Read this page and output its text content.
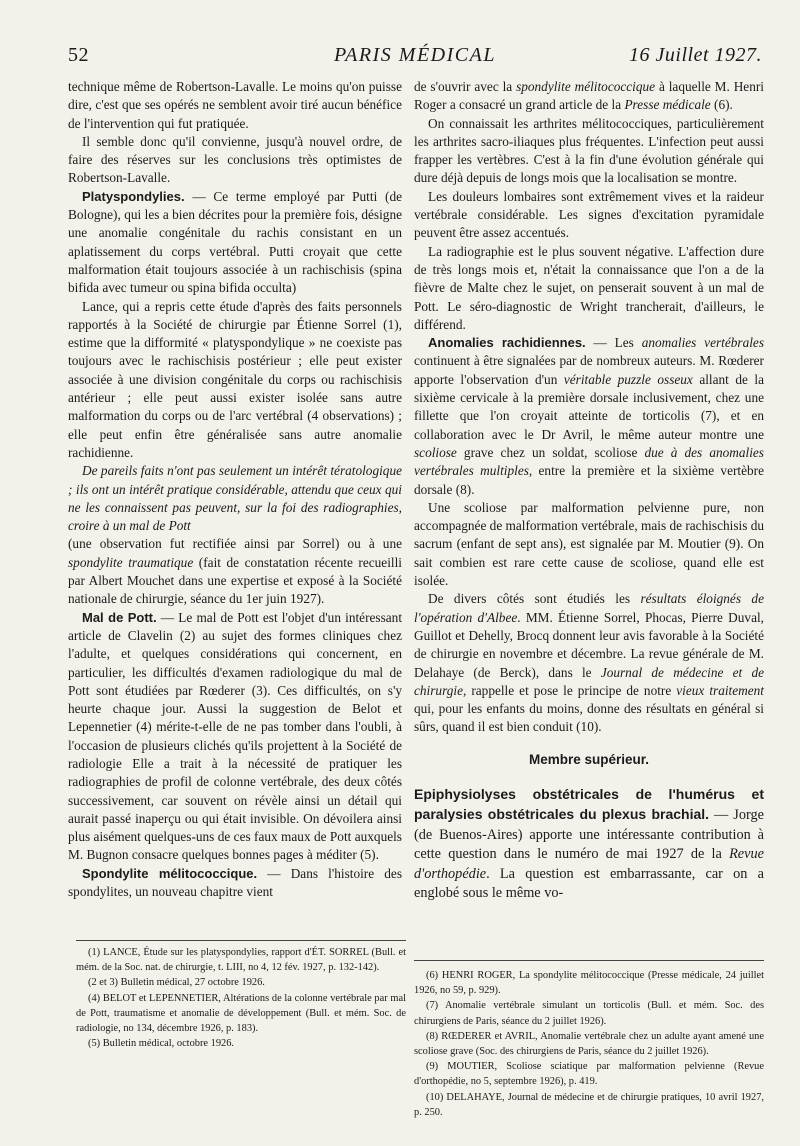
52	PARIS MÉDICAL	16 Juillet 1927.

technique même de Robertson-Lavalle. Le moins qu'on puisse dire, c'est que ses opérés ne semblent avoir tiré aucun bénéfice de l'intervention qui fut pratiquée.

Il semble donc qu'il convienne, jusqu'à nouvel ordre, de faire des réserves sur les conclusions très optimistes de Robertson-Lavalle.

Platyspondylies. — Ce terme employé par Putti (de Bologne), qui les a bien décrites pour la première fois, désigne une anomalie congénitale du rachis consistant en un aplatissement du corps vertébral. Putti croyait que cette malformation était toujours associée à un rachischisis (spina bifida avec tumeur ou spina bifida occulta)

Lance, qui a repris cette étude d'après des faits personnels rapportés à la Société de chirurgie par Étienne Sorrel (1), estime que la difformité « platyspondylique » ne coexiste pas toujours avec le rachischisis postérieur ; elle peut exister associée à une division congénitale du corps ou rachischisis antérieur ; elle peut aussi exister isolée sans autre malformation du corps ou de l'arc vertébral (4 observations) ; elle peut enfin être généralisée sans autre anomalie rachidienne.

De pareils faits n'ont pas seulement un intérêt tératologique ; ils ont un intérêt pratique considérable, attendu que ceux qui ne les connaissent pas peuvent, sur la foi des radiographies, croire à un mal de Pott

(une observation fut rectifiée ainsi par Sorrel) ou à une spondylite traumatique (fait de constatation récente recueilli par Albert Mouchet dans une expertise et exposé à la Société nationale de chirurgie, séance du 1er juin 1927).

Mal de Pott. — Le mal de Pott est l'objet d'un intéressant article de Clavelin (2) au sujet des formes cliniques chez l'adulte, et quelques considérations qui concernent, en particulier, les difficultés d'examen radiologique du mal de Pott sont étudiées par Rœderer (3). Ces difficultés, on s'y heurte chaque jour. Aussi la suggestion de Belot et Lepennetier (4) mérite-t-elle de ne pas tomber dans l'oubli, à l'occasion de plusieurs clichés qu'ils projettent à la Société de radiologie Elle a trait à la nécessité de pratiquer les radiographies de profil de colonne vertébrale, des deux côtés successivement, car souvent on révèle ainsi un détail qui aurait passé inaperçu ou qui était invisible. On dévoilera ainsi plus aisément quelques-uns de ces faux maux de Pott auxquels M. Bugnon consacre quelques bonnes pages à méditer (5).

Spondylite mélitococcique. — Dans l'histoire des spondylites, un nouveau chapitre vient

de s'ouvrir avec la spondylite mélitococcique à laquelle M. Henri Roger a consacré un grand article de la Presse médicale (6).

On connaissait les arthrites mélitococciques, particulièrement les arthrites sacro-iliaques plus fréquentes. L'infection peut aussi frapper les vertèbres. C'est à la fin d'une évolution générale qui dure déjà depuis de longs mois que la localisation se montre.

Les douleurs lombaires sont extrêmement vives et la raideur vertébrale considérable. Les signes d'excitation pyramidale peuvent être assez accentués.

La radiographie est le plus souvent négative. L'affection dure de très longs mois et, n'était la connaissance que l'on a de la fièvre de Malte chez le sujet, on penserait souvent à un mal de Pott. Le séro-diagnostic de Wright trancherait, d'ailleurs, le différend.

Anomalies rachidiennes. — Les anomalies vertébrales continuent à être signalées par de nombreux auteurs. M. Rœderer apporte l'observation d'un véritable puzzle osseux allant de la sixième cervicale à la première dorsale inclusivement, chez une fillette que l'on croyait atteinte de torticolis (7), et en collaboration avec le Dr Avril, le même auteur montre une scoliose grave chez un soldat, scoliose due à des anomalies vertébrales multiples, entre la première et la sixième vertèbre dorsale (8).

Une scoliose par malformation pelvienne pure, non accompagnée de malformation vertébrale, mais de rachischisis du sacrum (enfant de sept ans), est signalée par M. Moutier (9). On sait combien est rare cette cause de scoliose, quand elle est isolée.

De divers côtés sont étudiés les résultats éloignés de l'opération d'Albee. MM. Étienne Sorrel, Phocas, Pierre Duval, Guillot et Dehelly, Brocq donnent leur avis favorable à la Société de chirurgie en novembre et décembre. La revue générale de M. Delahaye (de Berck), dans le Journal de médecine et de chirurgie, rappelle et pose le principe de notre vieux traitement qui, pour les enfants du moins, donne des résultats en général si sûrs, quand il est bien conduit (10).

Membre supérieur.

Epiphysiolyses obstétricales de l'humérus et paralysies obstétricales du plexus brachial. — Jorge (de Buenos-Aires) apporte une intéressante contribution à cette question dans le numéro de mai 1927 de la Revue d'orthopédie. La question est embarrassante, car on a englobé sous le même vo-

(1) LANCE, Étude sur les platyspondylies, rapport d'ÉT. SORREL (Bull. et mém. de la Soc. nat. de chirurgie, t. LIII, no 4, 12 fév. 1927, p. 132-142).

(2 et 3) Bulletin médical, 27 octobre 1926.

(4) BELOT et LEPENNETIER, Altérations de la colonne vertébrale par mal de Pott, traumatisme et anomalie de développement (Bull. et mém. Soc. de radiologie, no 134, décembre 1926, p. 183).

(5) Bulletin médical, octobre 1926.

(6) HENRI ROGER, La spondylite mélitococcique (Presse médicale, 24 juillet 1926, no 59, p. 929).

(7) Anomalie vertébrale simulant un torticolis (Bull. et mém. Soc. des chirurgiens de Paris, séance du 2 juillet 1926).

(8) RŒDERER et AVRIL, Anomalie vertébrale chez un adulte ayant amené une scoliose grave (Soc. des chirurgiens de Paris, séance du 2 juillet 1926).

(9) MOUTIER, Scoliose sciatique par malformation pelvienne (Revue d'orthopédie, no 5, septembre 1926), p. 419.

(10) DELAHAYE, Journal de médecine et de chirurgie pratiques, 10 avril 1927, p. 250.
